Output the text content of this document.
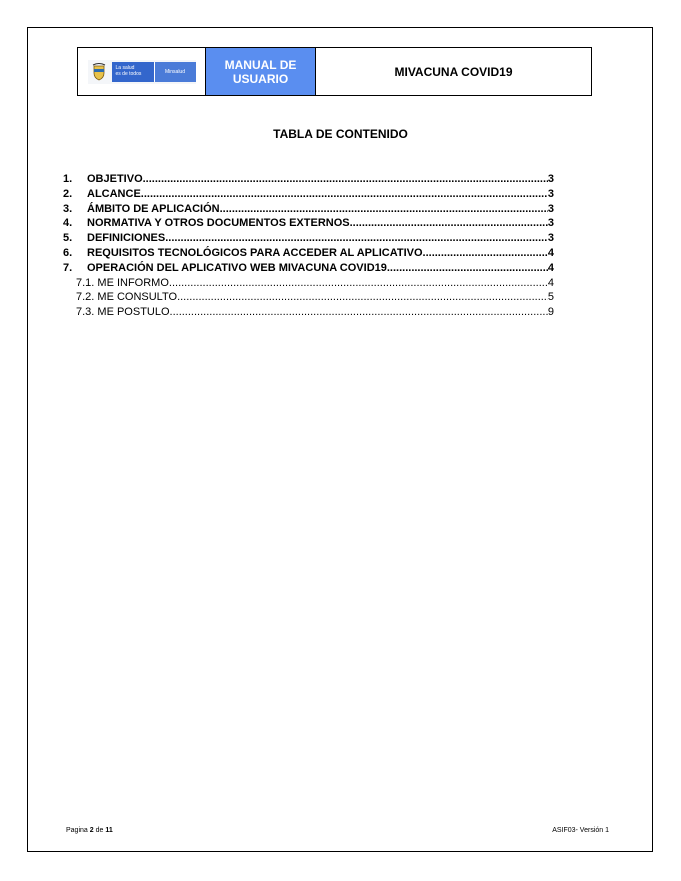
La salud
es de todos	Minsalud	MANUAL DE
USUARIO	MIVACUNA COVID19
TABLA DE CONTENIDO
1.	OBJETIVO .....	3
2.	ALCANCE .....	3
3.	ÁMBITO DE APLICACIÓN .....	3
4.	NORMATIVA Y OTROS DOCUMENTOS EXTERNOS .....	3
5.	DEFINICIONES .....	3
6.	REQUISITOS TECNOLÓGICOS PARA ACCEDER AL APLICATIVO .....	4
7.	OPERACIÓN DEL APLICATIVO WEB MIVACUNA COVID19 .....	4
7.1. ME INFORMO .....	4
7.2. ME CONSULTO .....	5
7.3. ME POSTULO .....	9
Pagina 2 de 11	ASIF03- Versión 1
